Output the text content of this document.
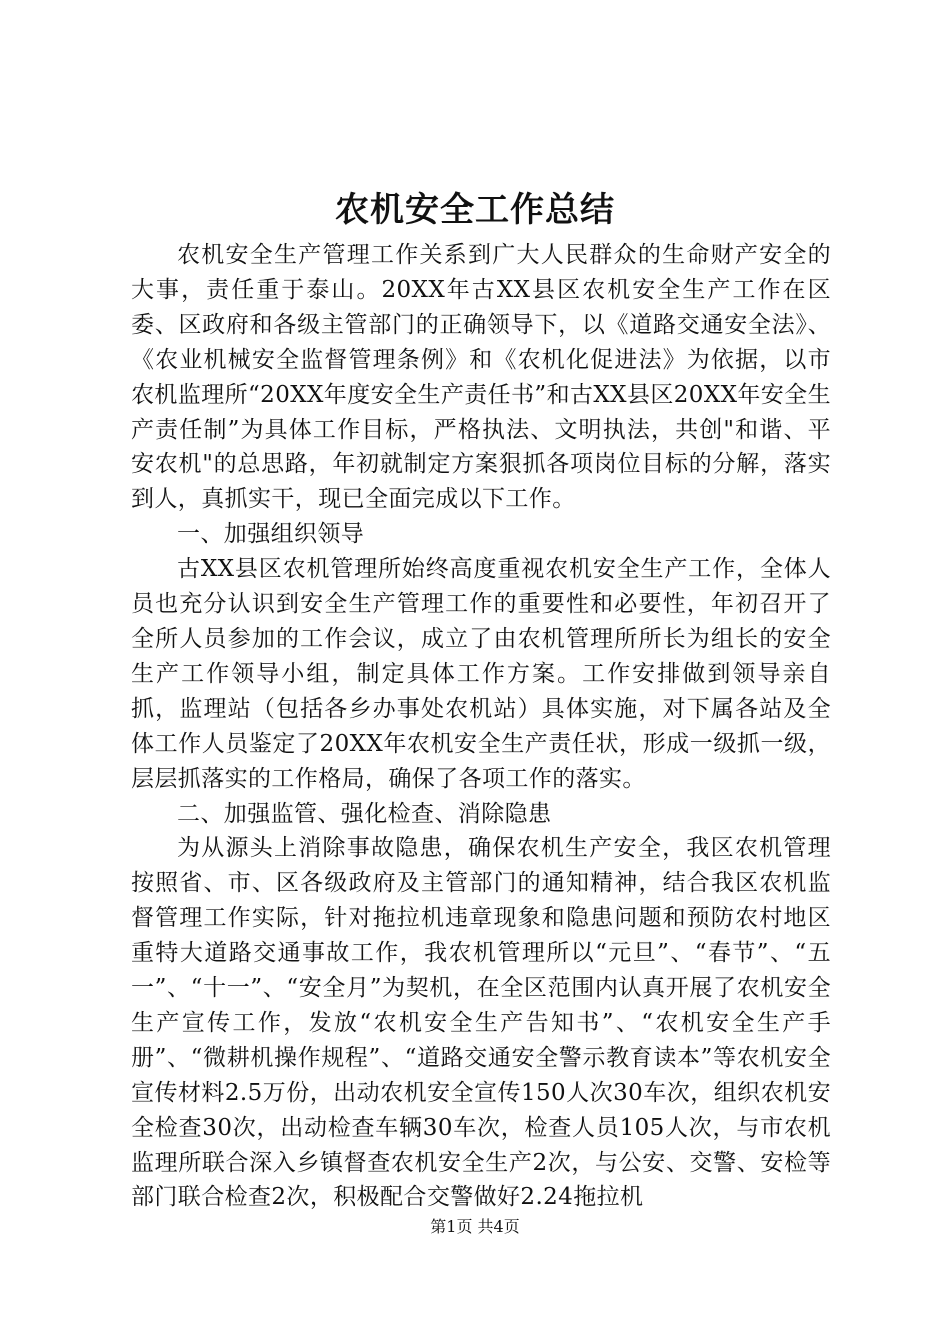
农机安全工作总结

农机安全生产管理工作关系到广大人民群众的生命财产安全的大事，责任重于泰山。20XX年古XX县区农机安全生产工作在区委、区政府和各级主管部门的正确领导下，以《道路交通安全法》、《农业机械安全监督管理条例》和《农机化促进法》为依据，以市农机监理所“20XX年度安全生产责任书”和古XX县区20XX年安全生产责任制”为具体工作目标，严格执法、文明执法，共创"和谐、平安农机"的总思路，年初就制定方案狠抓各项岗位目标的分解，落实到人，真抓实干，现已全面完成以下工作。

一、加强组织领导

古XX县区农机管理所始终高度重视农机安全生产工作，全体人员也充分认识到安全生产管理工作的重要性和必要性，年初召开了全所人员参加的工作会议，成立了由农机管理所所长为组长的安全生产工作领导小组，制定具体工作方案。工作安排做到领导亲自抓，监理站（包括各乡办事处农机站）具体实施，对下属各站及全体工作人员鉴定了20XX年农机安全生产责任状，形成一级抓一级，层层抓落实的工作格局，确保了各项工作的落实。

二、加强监管、强化检查、消除隐患

为从源头上消除事故隐患，确保农机生产安全，我区农机管理按照省、市、区各级政府及主管部门的通知精神，结合我区农机监督管理工作实际，针对拖拉机违章现象和隐患问题和预防农村地区重特大道路交通事故工作，我农机管理所以“元旦”、“春节”、“五一”、“十一”、“安全月”为契机，在全区范围内认真开展了农机安全生产宣传工作，发放“农机安全生产告知书”、“农机安全生产手册”、“微耕机操作规程”、“道路交通安全警示教育读本”等农机安全宣传材料2.5万份，出动农机安全宣传150人次30车次，组织农机安全检查30次，出动检查车辆30车次，检查人员105人次，与市农机监理所联合深入乡镇督查农机安全生产2次，与公安、交警、安检等部门联合检查2次，积极配合交警做好2.24拖拉机

第1页 共4页
